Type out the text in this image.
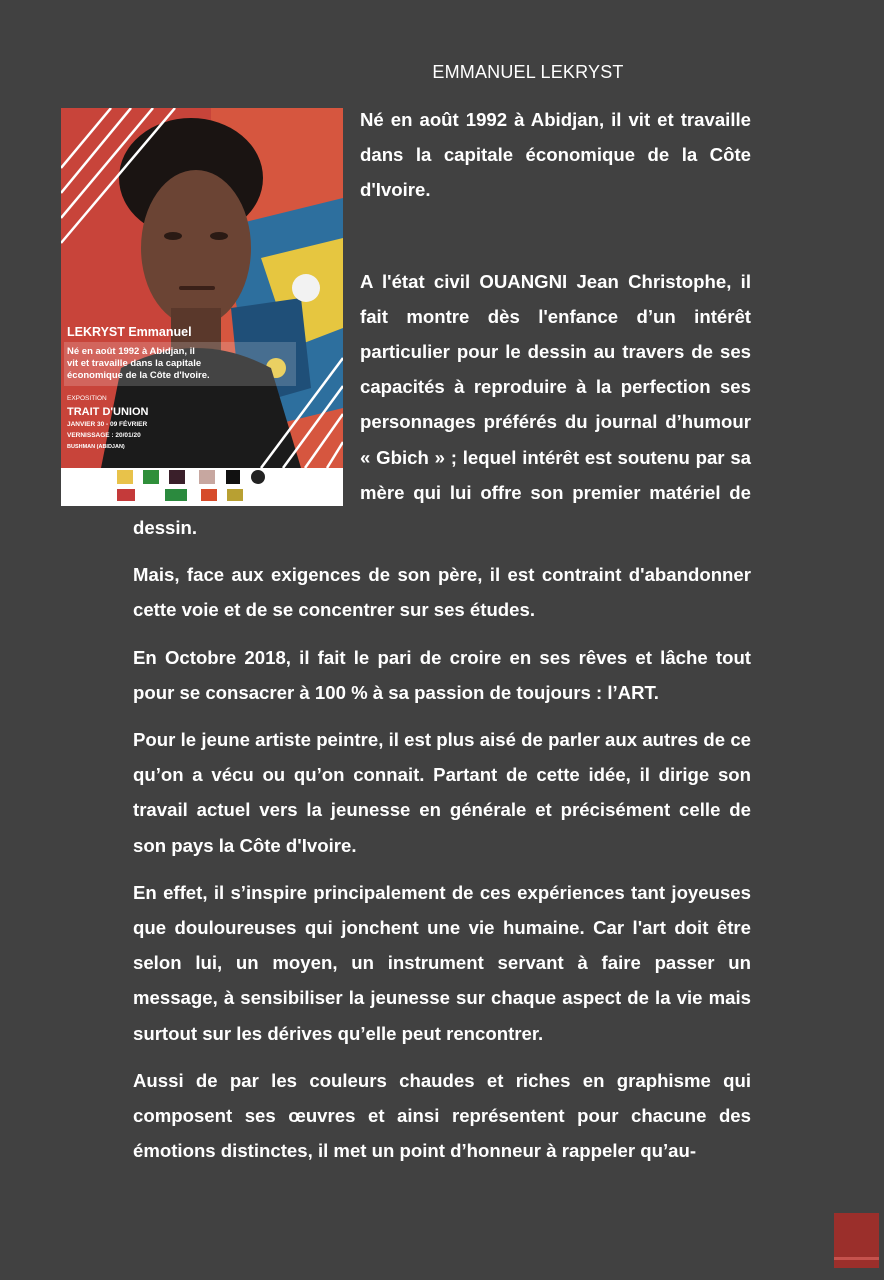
EMMANUEL LEKRYST
LEKRYST Emmanuel
Né en août 1992 à Abidjan, il
vit et travaille dans la capitale
économique de la Côte d'Ivoire.
EXPOSITION
TRAIT D'UNION
JANVIER 30 - 09 FÉVRIER
VERNISSAGE : 20/01/20
BUSHMAN (ABIDJAN)

Né en août 1992 à Abidjan, il vit et travaille dans la capitale économique de la Côte d'Ivoire.

A l'état civil OUANGNI Jean Christophe, il fait montre dès l'enfance d’un intérêt particulier pour le dessin au travers de ses capacités à reproduire à la perfection ses personnages préférés du journal d’humour « Gbich » ; lequel intérêt est soutenu par sa mère qui lui offre son premier matériel de dessin.

Mais, face aux exigences de son père, il est contraint d'abandonner cette voie et de se concentrer sur ses études.

En Octobre 2018, il fait le pari de croire en ses rêves et lâche tout pour se consacrer à 100 % à sa passion de toujours : l’ART.

Pour le jeune artiste peintre, il est plus aisé de parler aux autres de ce qu’on a vécu ou qu’on connait. Partant de cette idée, il dirige son travail actuel vers la jeunesse en générale et précisément celle de son pays la Côte d'Ivoire.

En effet, il s’inspire principalement de ces expériences tant joyeuses que douloureuses qui jonchent une vie humaine. Car l'art doit être selon lui, un moyen, un instrument servant à faire passer un message, à sensibiliser la jeunesse sur chaque aspect de la vie mais surtout sur les dérives qu’elle peut rencontrer.

Aussi de par les couleurs chaudes et riches en graphisme qui composent ses œuvres et ainsi représentent pour chacune des émotions distinctes, il met un point d’honneur à rappeler qu’au-
